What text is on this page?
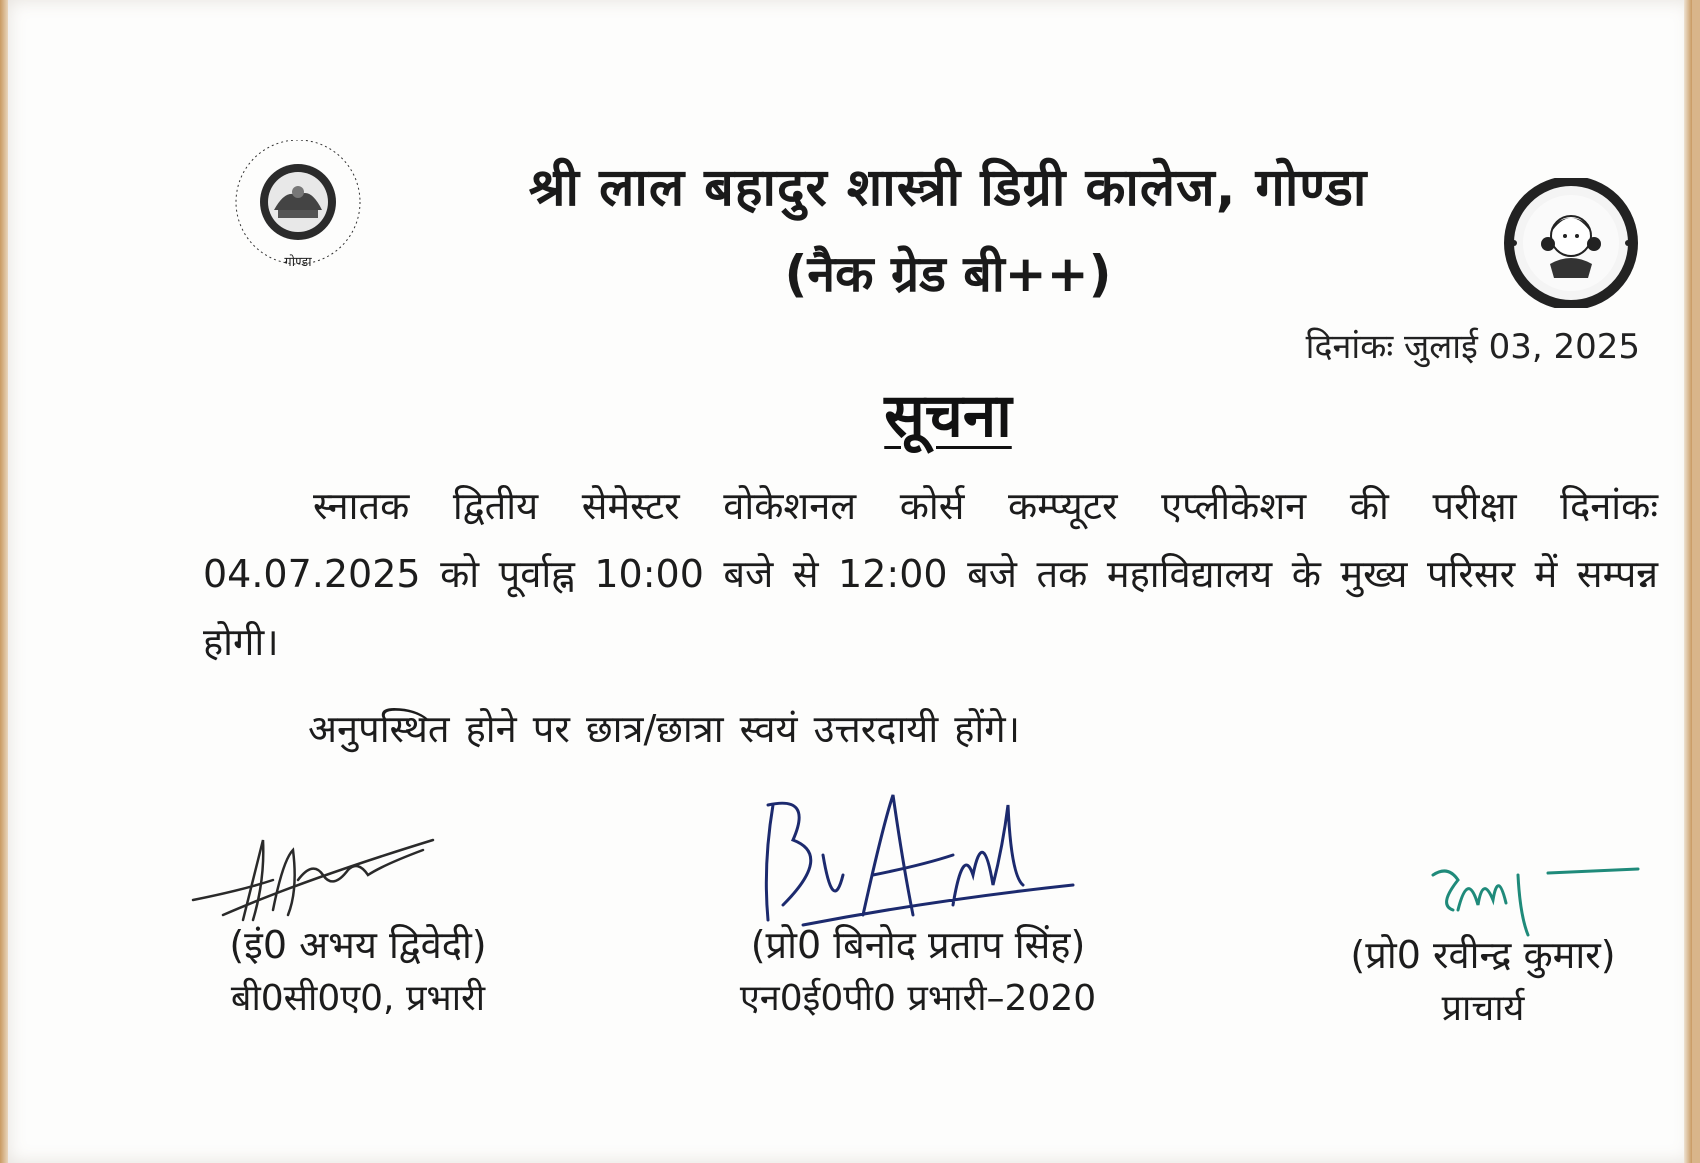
गोण्डा
श्री लाल बहादुर शास्त्री डिग्री कालेज, गोण्डा
(नैक ग्रेड बी++)
दिनांकः जुलाई 03, 2025
सूचना
स्नातक द्वितीय सेमेस्टर वोकेशनल कोर्स कम्प्यूटर एप्लीकेशन की परीक्षा दिनांकः 04.07.2025 को पूर्वाह्न 10:00 बजे से 12:00 बजे तक महाविद्यालय के मुख्य परिसर में सम्पन्न होगी।
अनुपस्थित होने पर छात्र/छात्रा स्वयं उत्तरदायी होंगे।
(इं0 अभय द्विवेदी)
बी0सी0ए0, प्रभारी
(प्रो0 बिनोद प्रताप सिंह)
एन0ई0पी0 प्रभारी–2020
(प्रो0 रवीन्द्र कुमार)
प्राचार्य
